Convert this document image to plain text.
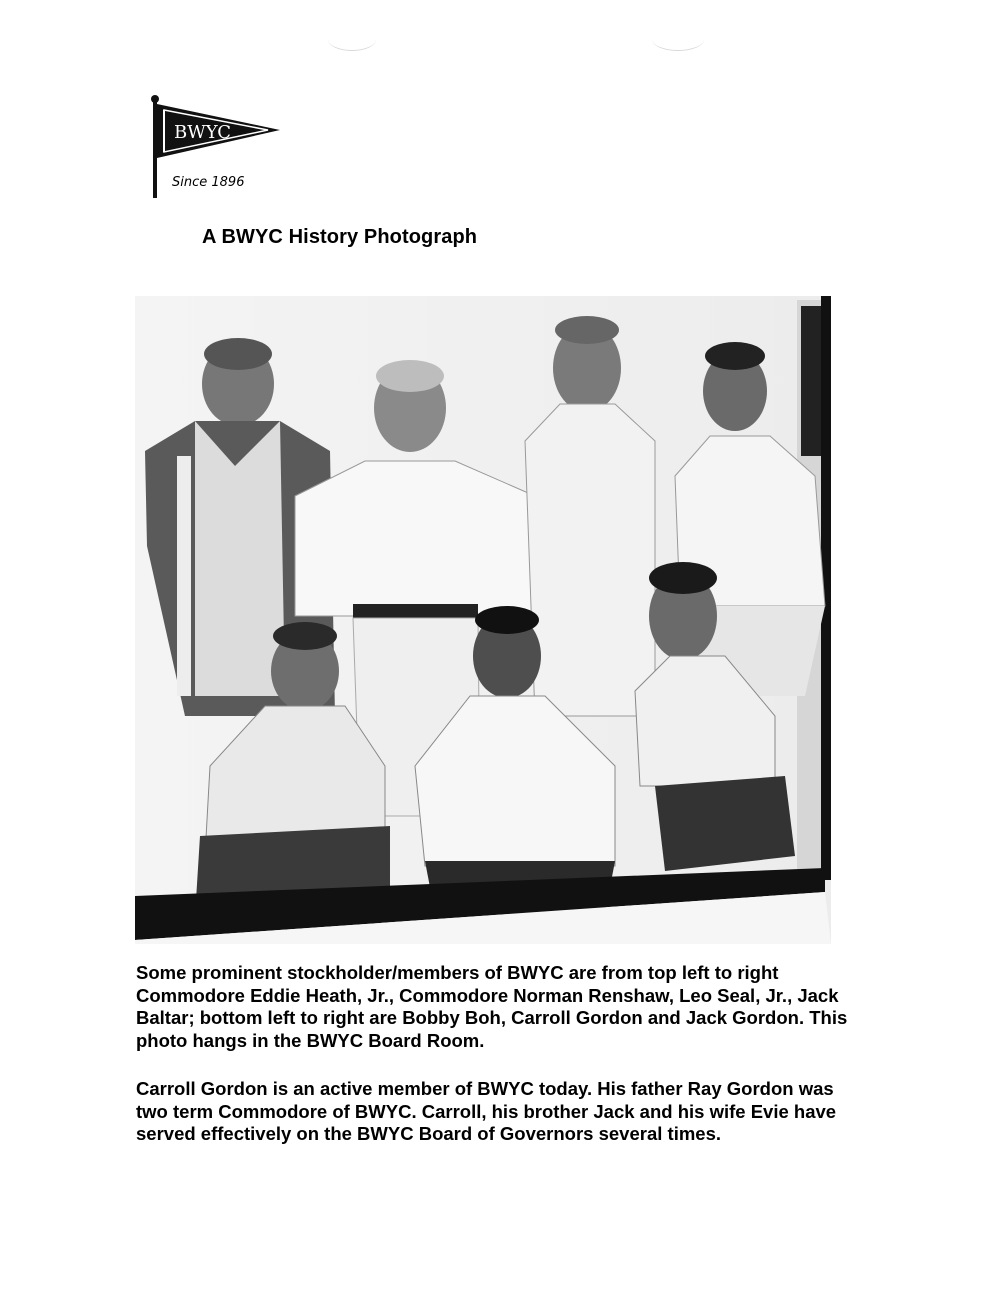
BWYC
Since 1896
A BWYC History Photograph

Some prominent stockholder/members of BWYC are from top left to right Commodore Eddie Heath, Jr., Commodore Norman Renshaw, Leo Seal, Jr., Jack Baltar; bottom left to right are Bobby Boh, Carroll Gordon and Jack Gordon. This photo hangs in the BWYC Board Room.

Carroll Gordon is an active member of BWYC today. His father Ray Gordon was two term Commodore of BWYC. Carroll, his brother Jack and his wife Evie have served effectively on the BWYC Board of Governors several times.
